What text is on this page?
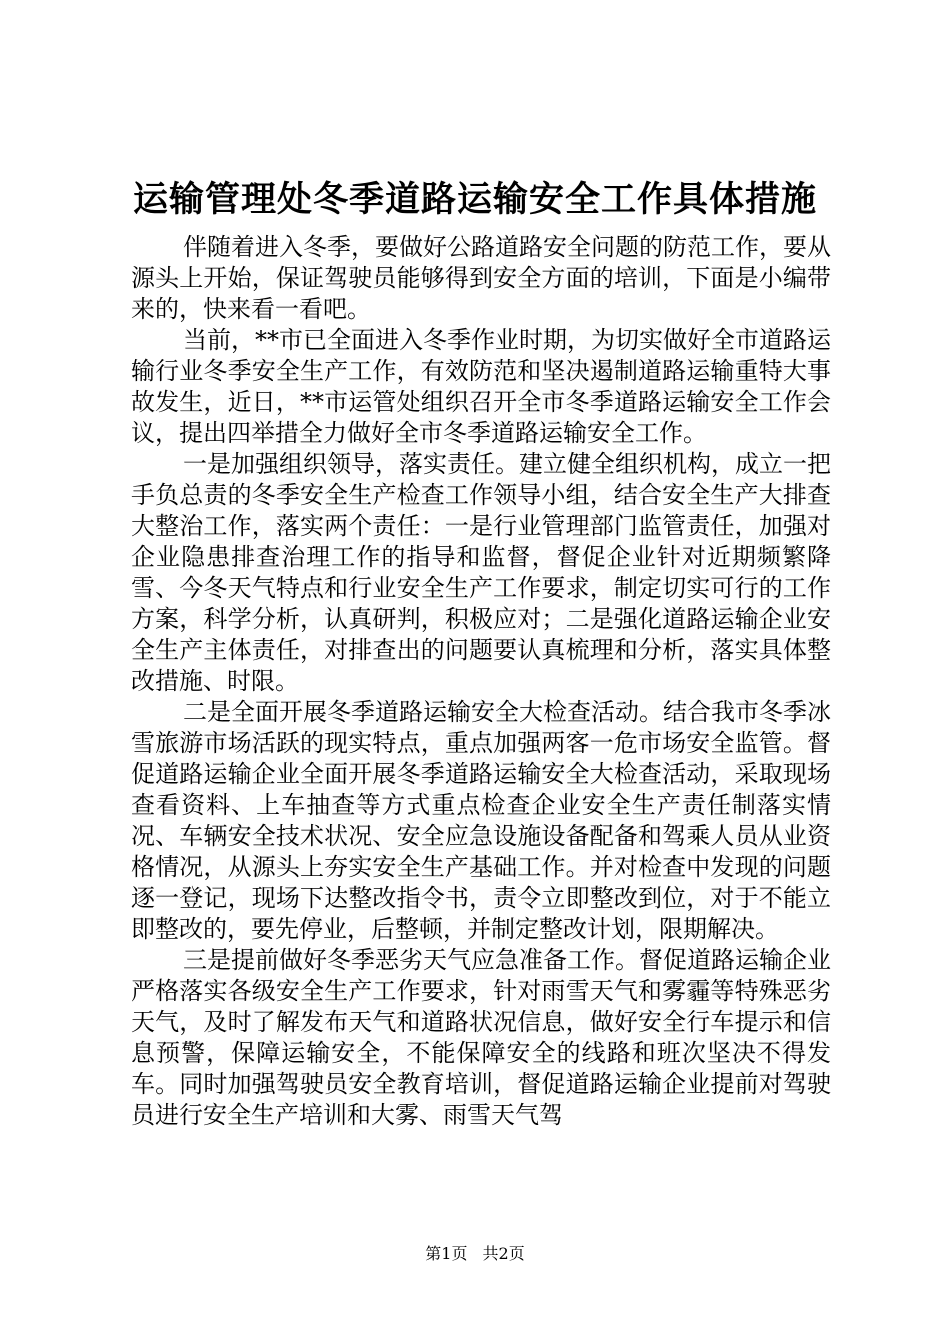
运输管理处冬季道路运输安全工作具体措施

伴随着进入冬季，要做好公路道路安全问题的防范工作，要从源头上开始，保证驾驶员能够得到安全方面的培训，下面是小编带来的，快来看一看吧。

当前，**市已全面进入冬季作业时期，为切实做好全市道路运输行业冬季安全生产工作，有效防范和坚决遏制道路运输重特大事故发生，近日，**市运管处组织召开全市冬季道路运输安全工作会议，提出四举措全力做好全市冬季道路运输安全工作。

一是加强组织领导，落实责任。建立健全组织机构，成立一把手负总责的冬季安全生产检查工作领导小组，结合安全生产大排查大整治工作，落实两个责任：一是行业管理部门监管责任，加强对企业隐患排查治理工作的指导和监督，督促企业针对近期频繁降雪、今冬天气特点和行业安全生产工作要求，制定切实可行的工作方案，科学分析，认真研判，积极应对；二是强化道路运输企业安全生产主体责任，对排查出的问题要认真梳理和分析，落实具体整改措施、时限。

二是全面开展冬季道路运输安全大检查活动。结合我市冬季冰雪旅游市场活跃的现实特点，重点加强两客一危市场安全监管。督促道路运输企业全面开展冬季道路运输安全大检查活动，采取现场查看资料、上车抽查等方式重点检查企业安全生产责任制落实情况、车辆安全技术状况、安全应急设施设备配备和驾乘人员从业资格情况，从源头上夯实安全生产基础工作。并对检查中发现的问题逐一登记，现场下达整改指令书，责令立即整改到位，对于不能立即整改的，要先停业，后整顿，并制定整改计划，限期解决。

三是提前做好冬季恶劣天气应急准备工作。督促道路运输企业严格落实各级安全生产工作要求，针对雨雪天气和雾霾等特殊恶劣天气，及时了解发布天气和道路状况信息，做好安全行车提示和信息预警，保障运输安全，不能保障安全的线路和班次坚决不得发车。同时加强驾驶员安全教育培训，督促道路运输企业提前对驾驶员进行安全生产培训和大雾、雨雪天气驾

第1页 共2页
